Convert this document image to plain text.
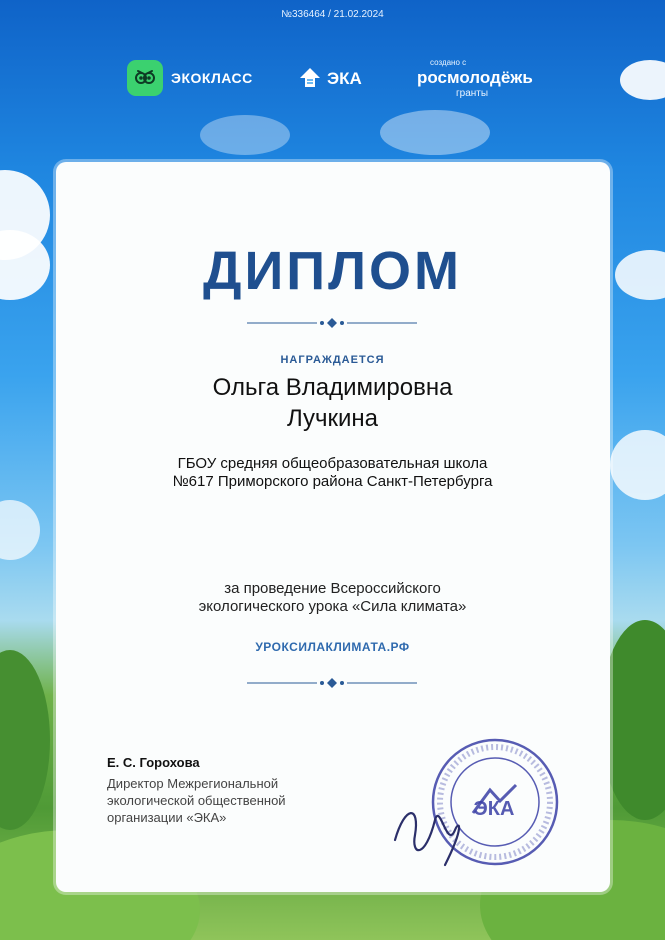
№336464 / 21.02.2024
ЭКОКЛАСС	ЭКА
создано с
росмолодёжь
гранты
ДИПЛОМ
НАГРАЖДАЕТСЯ
Ольга Владимировна
Лучкина
ГБОУ средняя общеобразовательная школа
№617 Приморского района Санкт-Петербурга
за проведение Всероссийского
экологического урока «Сила климата»
УРОКСИЛАКЛИМАТА.РФ
Е. С. Горохова
Директор Межрегиональной
экологической общественной
организации «ЭКА»	ЭКА
